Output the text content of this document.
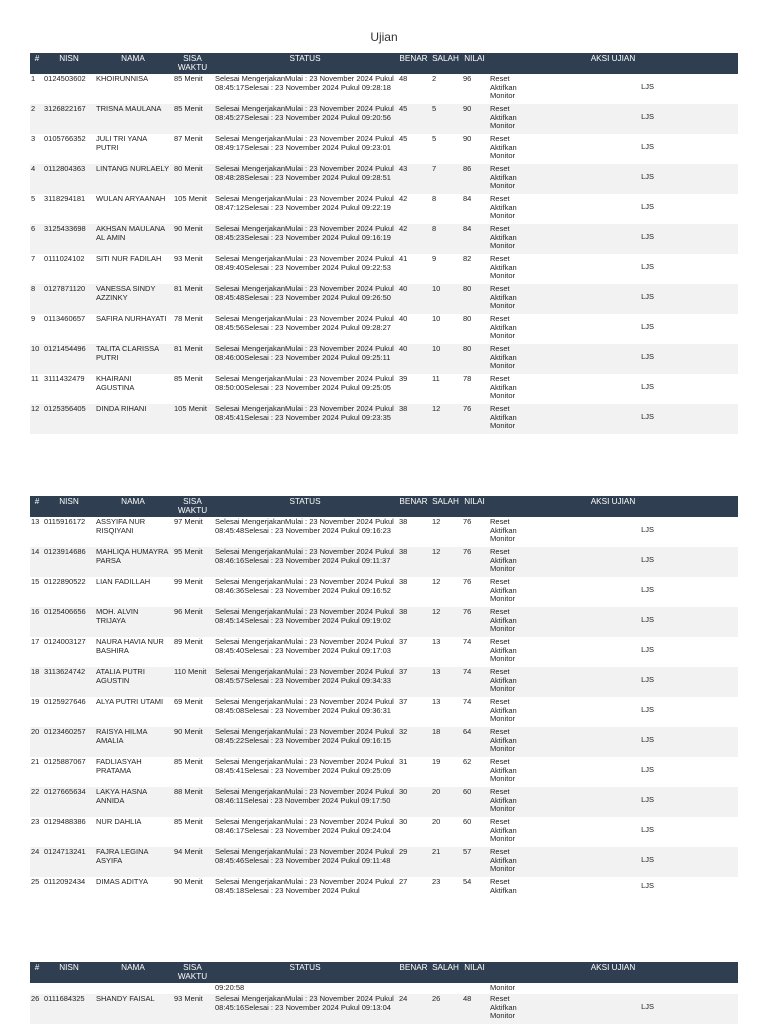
Ujian
#	NISN	NAMA	SISA
WAKTU	STATUS	BENAR	SALAH	NILAI	AKSI UJIAN
1	0124503602	KHOIRUNNISA	85 Menit	Selesai MengerjakanMulai : 23 November 2024 Pukul 08:45:17Selesai : 23 November 2024 Pukul 09:28:18	48	2	96	Reset
Aktifkan
Monitor
	LJS

2	3126822167	TRISNA MAULANA	85 Menit	Selesai MengerjakanMulai : 23 November 2024 Pukul 08:45:27Selesai : 23 November 2024 Pukul 09:20:56	45	5	90	Reset
Aktifkan
Monitor
	LJS

3	0105766352	JULI TRI YANA PUTRI	87 Menit	Selesai MengerjakanMulai : 23 November 2024 Pukul 08:49:17Selesai : 23 November 2024 Pukul 09:23:01	45	5	90	Reset
Aktifkan
Monitor
	LJS

4	0112804363	LINTANG NURLAELY	80 Menit	Selesai MengerjakanMulai : 23 November 2024 Pukul 08:48:28Selesai : 23 November 2024 Pukul 09:28:51	43	7	86	Reset
Aktifkan
Monitor
	LJS

5	3118294181	WULAN ARYAANAH	105 Menit	Selesai MengerjakanMulai : 23 November 2024 Pukul 08:47:12Selesai : 23 November 2024 Pukul 09:22:19	42	8	84	Reset
Aktifkan
Monitor
	LJS

6	3125433698	AKHSAN MAULANA AL AMIN	90 Menit	Selesai MengerjakanMulai : 23 November 2024 Pukul 08:45:23Selesai : 23 November 2024 Pukul 09:16:19	42	8	84	Reset
Aktifkan
Monitor
	LJS

7	0111024102	SITI NUR FADILAH	93 Menit	Selesai MengerjakanMulai : 23 November 2024 Pukul 08:49:40Selesai : 23 November 2024 Pukul 09:22:53	41	9	82	Reset
Aktifkan
Monitor
	LJS

8	0127871120	VANESSA SINDY AZZINKY	81 Menit	Selesai MengerjakanMulai : 23 November 2024 Pukul 08:45:48Selesai : 23 November 2024 Pukul 09:26:50	40	10	80	Reset
Aktifkan
Monitor
	LJS

9	0113460657	SAFIRA NURHAYATI	78 Menit	Selesai MengerjakanMulai : 23 November 2024 Pukul 08:45:56Selesai : 23 November 2024 Pukul 09:28:27	40	10	80	Reset
Aktifkan
Monitor
	LJS

10	0121454496	TALITA CLARISSA PUTRI	81 Menit	Selesai MengerjakanMulai : 23 November 2024 Pukul 08:46:00Selesai : 23 November 2024 Pukul 09:25:11	40	10	80	Reset
Aktifkan
Monitor
	LJS

11	3111432479	KHAIRANI AGUSTINA	85 Menit	Selesai MengerjakanMulai : 23 November 2024 Pukul 08:50:00Selesai : 23 November 2024 Pukul 09:25:05	39	11	78	Reset
Aktifkan
Monitor
	LJS

12	0125356405	DINDA RIHANI	105 Menit	Selesai MengerjakanMulai : 23 November 2024 Pukul 08:45:41Selesai : 23 November 2024 Pukul 09:23:35	38	12	76	Reset
Aktifkan
Monitor
	LJS
#	NISN	NAMA	SISA
WAKTU	STATUS	BENAR	SALAH	NILAI	AKSI UJIAN
13	0115916172	ASSYIFA NUR RISQIYANI	97 Menit	Selesai MengerjakanMulai : 23 November 2024 Pukul 08:45:48Selesai : 23 November 2024 Pukul 09:16:23	38	12	76	Reset
Aktifkan
Monitor
	LJS

14	0123914686	MAHLIQA HUMAYRA PARSA	95 Menit	Selesai MengerjakanMulai : 23 November 2024 Pukul 08:46:16Selesai : 23 November 2024 Pukul 09:11:37	38	12	76	Reset
Aktifkan
Monitor
	LJS

15	0122890522	LIAN FADILLAH	99 Menit	Selesai MengerjakanMulai : 23 November 2024 Pukul 08:46:36Selesai : 23 November 2024 Pukul 09:16:52	38	12	76	Reset
Aktifkan
Monitor
	LJS

16	0125406656	MOH. ALVIN TRIJAYA	96 Menit	Selesai MengerjakanMulai : 23 November 2024 Pukul 08:45:14Selesai : 23 November 2024 Pukul 09:19:02	38	12	76	Reset
Aktifkan
Monitor
	LJS

17	0124003127	NAURA HAVIA NUR BASHIRA	89 Menit	Selesai MengerjakanMulai : 23 November 2024 Pukul 08:45:40Selesai : 23 November 2024 Pukul 09:17:03	37	13	74	Reset
Aktifkan
Monitor
	LJS

18	3113624742	ATALIA PUTRI AGUSTIN	110 Menit	Selesai MengerjakanMulai : 23 November 2024 Pukul 08:45:57Selesai : 23 November 2024 Pukul 09:34:33	37	13	74	Reset
Aktifkan
Monitor
	LJS

19	0125927646	ALYA PUTRI UTAMI	69 Menit	Selesai MengerjakanMulai : 23 November 2024 Pukul 08:45:08Selesai : 23 November 2024 Pukul 09:36:31	37	13	74	Reset
Aktifkan
Monitor
	LJS

20	0123460257	RAISYA HILMA AMALIA	90 Menit	Selesai MengerjakanMulai : 23 November 2024 Pukul 08:45:22Selesai : 23 November 2024 Pukul 09:16:15	32	18	64	Reset
Aktifkan
Monitor
	LJS

21	0125887067	FADLIASYAH PRATAMA	85 Menit	Selesai MengerjakanMulai : 23 November 2024 Pukul 08:45:41Selesai : 23 November 2024 Pukul 09:25:09	31	19	62	Reset
Aktifkan
Monitor
	LJS

22	0127665634	LAKYA HASNA ANNIDA	88 Menit	Selesai MengerjakanMulai : 23 November 2024 Pukul 08:46:11Selesai : 23 November 2024 Pukul 09:17:50	30	20	60	Reset
Aktifkan
Monitor
	LJS

23	0129488386	NUR DAHLIA	85 Menit	Selesai MengerjakanMulai : 23 November 2024 Pukul 08:46:17Selesai : 23 November 2024 Pukul 09:24:04	30	20	60	Reset
Aktifkan
Monitor
	LJS

24	0124713241	FAJRA LEGINA ASYIFA	94 Menit	Selesai MengerjakanMulai : 23 November 2024 Pukul 08:45:46Selesai : 23 November 2024 Pukul 09:11:48	29	21	57	Reset
Aktifkan
Monitor
	LJS

25	0112092434	DIMAS ADITYA	90 Menit	Selesai MengerjakanMulai : 23 November 2024 Pukul 08:45:18Selesai : 23 November 2024 Pukul	27	23	54	Reset
Aktifkan
	LJS
#	NISN	NAMA	SISA
WAKTU	STATUS	BENAR	SALAH	NILAI	AKSI UJIAN
				09:20:58				Monitor
26	0111684325	SHANDY FAISAL	93 Menit	Selesai MengerjakanMulai : 23 November 2024 Pukul 08:45:16Selesai : 23 November 2024 Pukul 09:13:04	24	26	48	Reset
Aktifkan
Monitor
	LJS
